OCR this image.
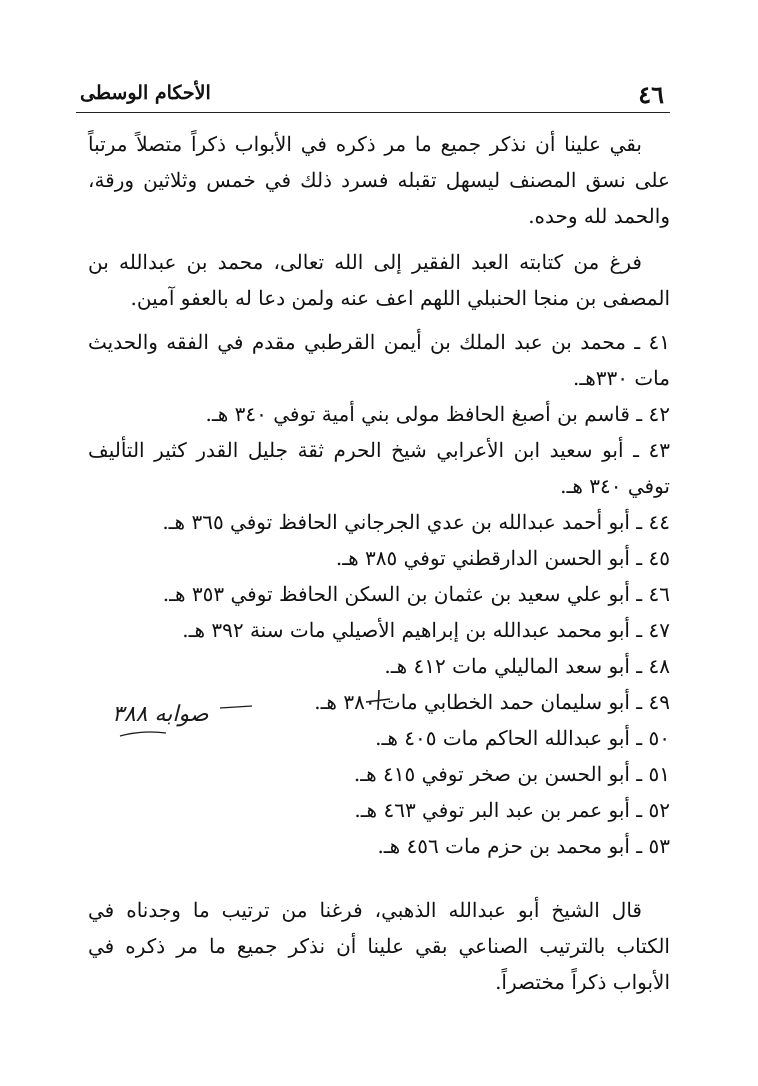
٤٦
الأحكام الوسطى
بقي علينا أن نذكر جميع ما مر ذكره في الأبواب ذكراً متصلاً مرتباً على نسق المصنف ليسهل تقبله فسرد ذلك في خمس وثلاثين ورقة، والحمد لله وحده.
فرغ من كتابته العبد الفقير إلى الله تعالى، محمد بن عبدالله بن المصفى بن منجا الحنبلي اللهم اعف عنه ولمن دعا له بالعفو آمين.
٤١ ـ محمد بن عبد الملك بن أيمن القرطبي مقدم في الفقه والحديث مات ٣٣٠هـ.
٤٢ ـ قاسم بن أصبغ الحافظ مولى بني أمية توفي ٣٤٠ هـ.
٤٣ ـ أبو سعيد ابن الأعرابي شيخ الحرم ثقة جليل القدر كثير التأليف توفي ٣٤٠ هـ.
٤٤ ـ أبو أحمد عبدالله بن عدي الجرجاني الحافظ توفي ٣٦٥ هـ.
٤٥ ـ أبو الحسن الدارقطني توفي ٣٨٥ هـ.
٤٦ ـ أبو علي سعيد بن عثمان بن السكن الحافظ توفي ٣٥٣ هـ.
٤٧ ـ أبو محمد عبدالله بن إبراهيم الأصيلي مات سنة ٣٩٢ هـ.
٤٨ ـ أبو سعد الماليلي مات ٤١٢ هـ.
٤٩ ـ أبو سليمان حمد الخطابي مات ٣٨٠ هـ.
٥٠ ـ أبو عبدالله الحاكم مات ٤٠٥ هـ.
٥١ ـ أبو الحسن بن صخر توفي ٤١٥ هـ.
٥٢ ـ أبو عمر بن عبد البر توفي ٤٦٣ هـ.
٥٣ ـ أبو محمد بن حزم مات ٤٥٦ هـ.
قال الشيخ أبو عبدالله الذهبي، فرغنا من ترتيب ما وجدناه في الكتاب بالترتيب الصناعي بقي علينا أن نذكر جميع ما مر ذكره في الأبواب ذكراً مختصراً.
صوابه ٣٨٨
